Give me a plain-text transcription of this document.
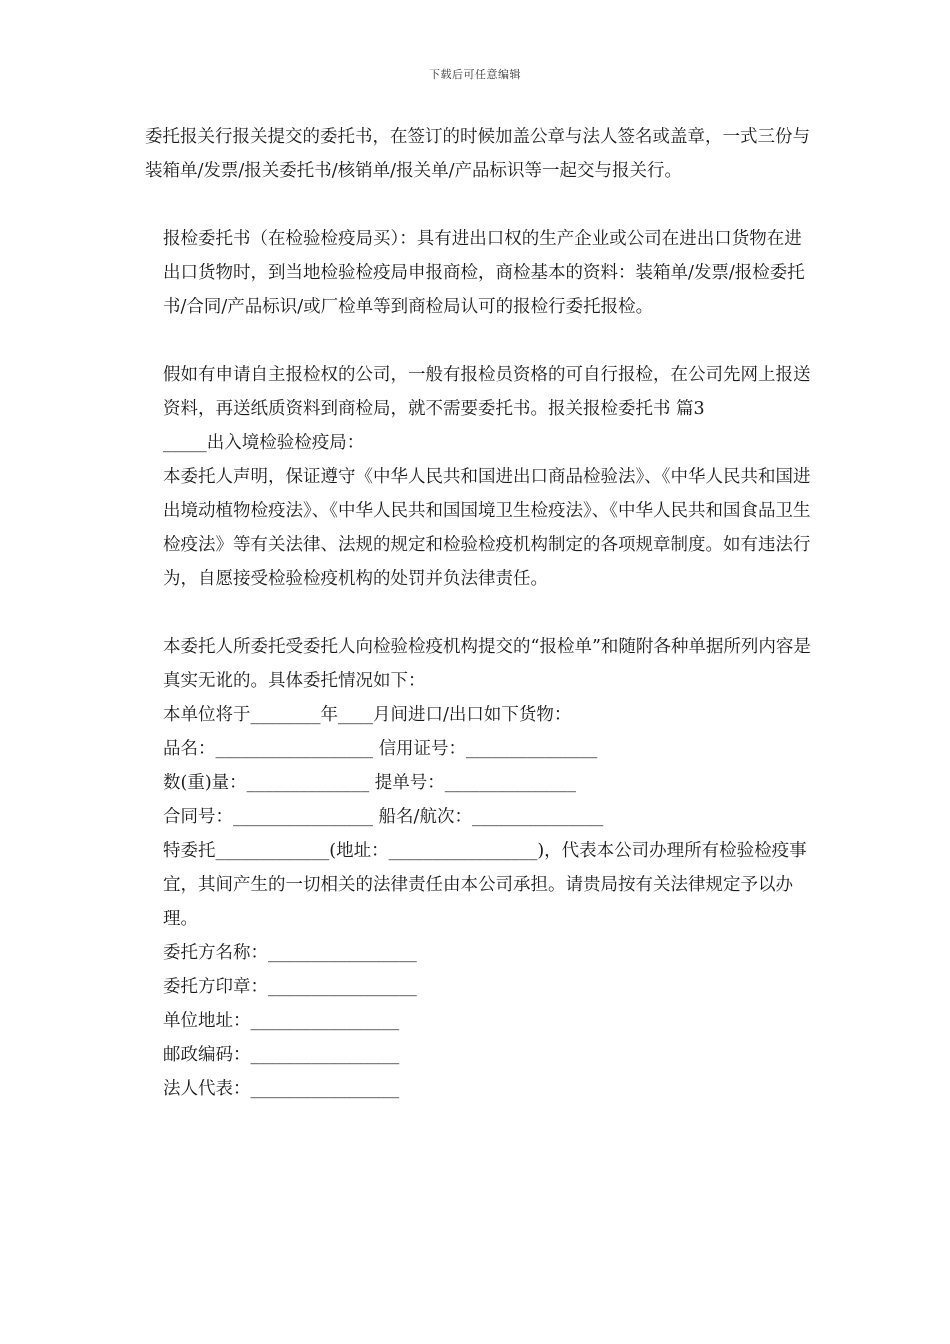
下载后可任意编辑

委托报关行报关提交的委托书，在签订的时候加盖公章与法人签名或盖章，一式三份与装箱单/发票/报关委托书/核销单/报关单/产品标识等一起交与报关行。

报检委托书（在检验检疫局买）：具有进出口权的生产企业或公司在进出口货物在进出口货物时，到当地检验检疫局申报商检，商检基本的资料：装箱单/发票/报检委托书/合同/产品标识/或厂检单等到商检局认可的报检行委托报检。

假如有申请自主报检权的公司，一般有报检员资格的可自行报检，在公司先网上报送资料，再送纸质资料到商检局，就不需要委托书。报关报检委托书 篇3

_____出入境检验检疫局：

本委托人声明，保证遵守《中华人民共和国进出口商品检验法》、《中华人民共和国进出境动植物检疫法》、《中华人民共和国国境卫生检疫法》、《中华人民共和国食品卫生检疫法》等有关法律、法规的规定和检验检疫机构制定的各项规章制度。如有违法行为，自愿接受检验检疫机构的处罚并负法律责任。

本委托人所委托受委托人向检验检疫机构提交的“报检单”和随附各种单据所列内容是真实无讹的。具体委托情况如下：

本单位将于________年____月间进口/出口如下货物：

品名：__________________ 信用证号：_______________

数(重)量：______________ 提单号：_______________

合同号：________________ 船名/航次：_______________

特委托_____________(地址：_________________)，代表本公司办理所有检验检疫事宜，其间产生的一切相关的法律责任由本公司承担。请贵局按有关法律规定予以办理。

委托方名称：_________________

委托方印章：_________________

单位地址：_________________

邮政编码：_________________

法人代表：_________________
